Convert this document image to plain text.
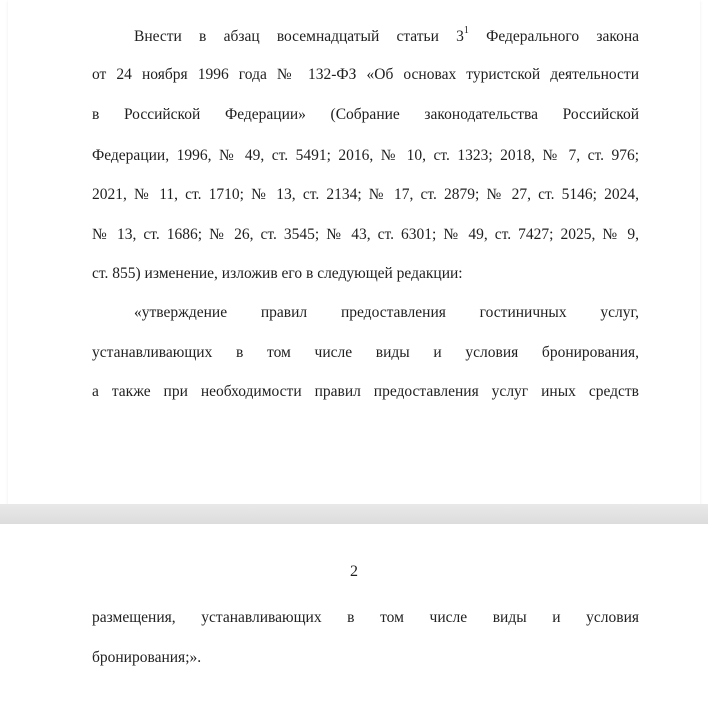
Внести в абзац восемнадцатый статьи $3^1$ Федерального закона
от 24 ноября 1996 года № 132-ФЗ «Об основах туристской деятельности
в Российской Федерации» (Собрание законодательства Российской
Федерации, 1996, № 49, ст. 5491; 2016, № 10, ст. 1323; 2018, № 7, ст. 976;
2021, № 11, ст. 1710; № 13, ст. 2134; № 17, ст. 2879; № 27, ст. 5146; 2024,
№ 13, ст. 1686; № 26, ст. 3545; № 43, ст. 6301; № 49, ст. 7427; 2025, № 9,
ст. 855) изменение, изложив его в следующей редакции:
«утверждение правил предоставления гостиничных услуг,
устанавливающих в том числе виды и условия бронирования,
а также при необходимости правил предоставления услуг иных средств
2
размещения, устанавливающих в том числе виды и условия
бронирования;».
